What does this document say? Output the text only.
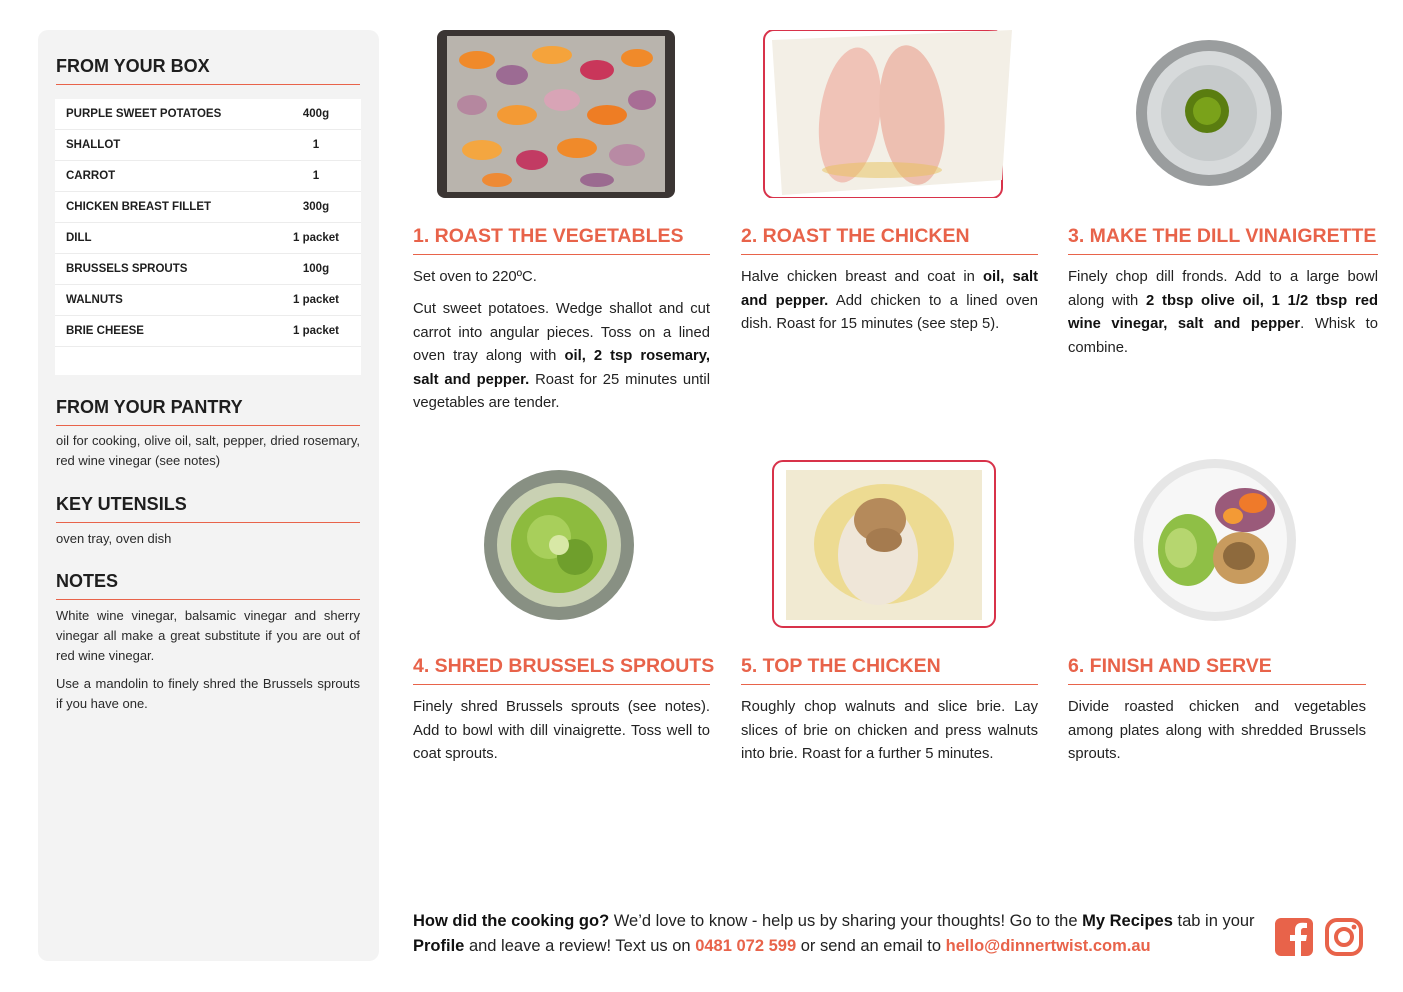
FROM YOUR BOX
PURPLE SWEET POTATOES	400g
SHALLOT	1
CARROT	1
CHICKEN BREAST FILLET	300g
DILL	1 packet
BRUSSELS SPROUTS	100g
WALNUTS	1 packet
BRIE CHEESE	1 packet
FROM YOUR PANTRY

oil for cooking, olive oil, salt, pepper, dried rosemary, red wine vinegar (see notes)

KEY UTENSILS

oven tray, oven dish

NOTES

White wine vinegar, balsamic vinegar and sherry vinegar all make a great substitute if you are out of red wine vinegar.

Use a mandolin to finely shred the Brussels sprouts if you have one.

1. ROAST THE VEGETABLES

Set oven to 220ºC.

Cut sweet potatoes. Wedge shallot and cut carrot into angular pieces. Toss on a lined oven tray along with oil, 2 tsp rosemary, salt and pepper. Roast for 25 minutes until vegetables are tender.

2. ROAST THE CHICKEN

Halve chicken breast and coat in oil, salt and pepper. Add chicken to a lined oven dish. Roast for 15 minutes (see step 5).

3. MAKE THE DILL VINAIGRETTE

Finely chop dill fronds. Add to a large bowl along with 2 tbsp olive oil, 1 1/2 tbsp red wine vinegar, salt and pepper. Whisk to combine.

4. SHRED BRUSSELS SPROUTS

Finely shred Brussels sprouts (see notes). Add to bowl with dill vinaigrette. Toss well to coat sprouts.

5. TOP THE CHICKEN

Roughly chop walnuts and slice brie. Lay slices of brie on chicken and press walnuts into brie. Roast for a further 5 minutes.

6. FINISH AND SERVE

Divide roasted chicken and vegetables among plates along with shredded Brussels sprouts.

How did the cooking go? We’d love to know - help us by sharing your thoughts! Go to the My Recipes tab in your Profile and leave a review! Text us on 0481 072 599 or send an email to hello@dinnertwist.com.au
